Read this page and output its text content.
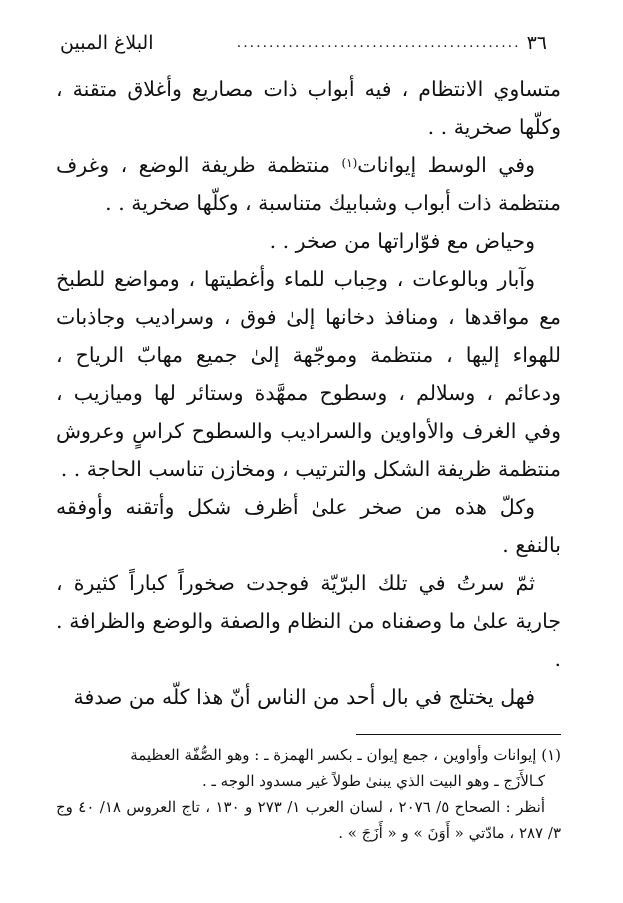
٣٦
............................................
البلاغ المبين

متساوي الانتظام ، فيه أبواب ذات مصاريع وأغلاق متقنة ، وكلّها صخرية . .

وفي الوسط إيوانات$^{(١)}$ منتظمة ظريفة الوضع ، وغرف منتظمة ذات أبواب وشبابيك متناسبة ، وكلّها صخرية . .

وحياض مع فوّاراتها من صخر . .

وآبار وبالوعات ، وحِباب للماء وأغطيتها ، ومواضع للطبخ مع مواقدها ، ومنافذ دخانها إلىٰ فوق ، وسراديب وجاذبات للهواء إليها ، منتظمة وموجّهة إلىٰ جميع مهابّ الرياح ، ودعائم ، وسلالم ، وسطوح ممهَّدة وستائر لها وميازيب ، وفي الغرف والأواوين والسراديب والسطوح كراسٍ وعروش منتظمة ظريفة الشكل والترتيب ، ومخازن تناسب الحاجة . .

وكلّ هذه من صخر علىٰ أظرف شكل وأتقنه وأوفقه بالنفع .

ثمّ سرتُ في تلك البرّيّة فوجدت صخوراً كباراً كثيرة ، جارية علىٰ ما وصفناه من النظام والصفة والوضع والظرافة . .

فهل يختلج في بال أحد من الناس أنّ هذا كلّه من صدفة

(١) إيوانات وأواوين ، جمع إيوان ـ بكسر الهمزة ـ : وهو الصُّفّة العظيمة

كـالأَزَج ـ وهو البيت الذي يبنىٰ طولاً غير مسدود الوجه ـ .

أنظر : الصحاح ٥/ ٢٠٧٦ ، لسان العرب ١/ ٢٧٣ و ١٣٠ ، تاج العروس ١٨/ ٤٠ وج ٣/ ٢٨٧ ، مادّتي « أَوَنَ » و « أَزَجَ » .
